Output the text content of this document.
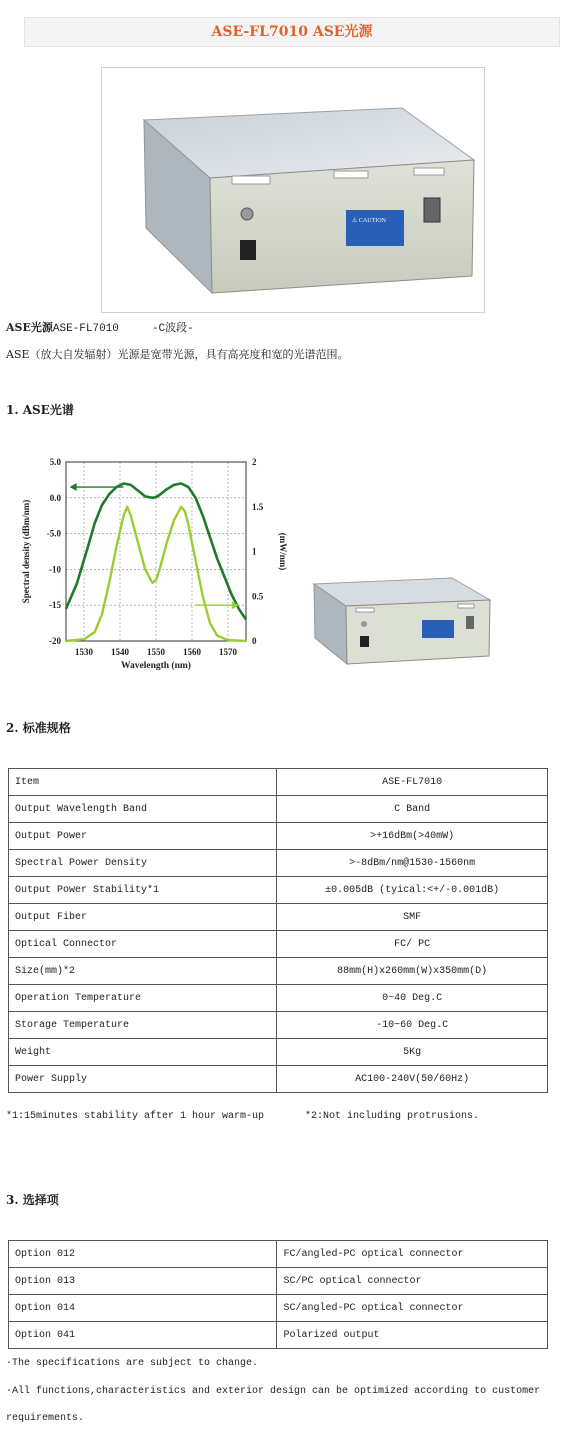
ASE-FL7010 ASE光源
⚠ CAUTION
ASE光源ASE-FL7010     -C波段-
ASE（放大自发辐射）光源是宽带光源，具有高亮度和宽的光谱范围。
1. ASE光谱
1530 1540 1550 1560 1570
5.0
0.0
-5.0
-10
-15
-20
2
1.5
1
0.5
0
Wavelength (nm)
Spectral density (dBm/nm)	(mW/nm)
2. 标准规格
Item	ASE-FL7010
Output Wavelength Band	C Band
Output Power	>+16dBm(>40mW)
Spectral Power Density	>-8dBm/nm@1530-1560nm
Output Power Stability*1	±0.005dB (tyical:<+/-0.001dB)
Output Fiber	SMF
Optical Connector	FC/ PC
Size(mm)*2	88mm(H)x260mm(W)x350mm(D)
Operation Temperature	0~40 Deg.C
Storage Temperature	-10~60 Deg.C
Weight	5Kg
Power Supply	AC100-240V(50/60Hz)
*1:15minutes stability after 1 hour warm-up	*2:Not including protrusions.
3. 选择项
Option 012	FC/angled-PC optical connector
Option 013	SC/PC optical connector
Option 014	SC/angled-PC optical connector
Option 041	Polarized output
·The specifications are subject to change.
·All functions,characteristics and exterior design can be optimized according to customer
requirements.
